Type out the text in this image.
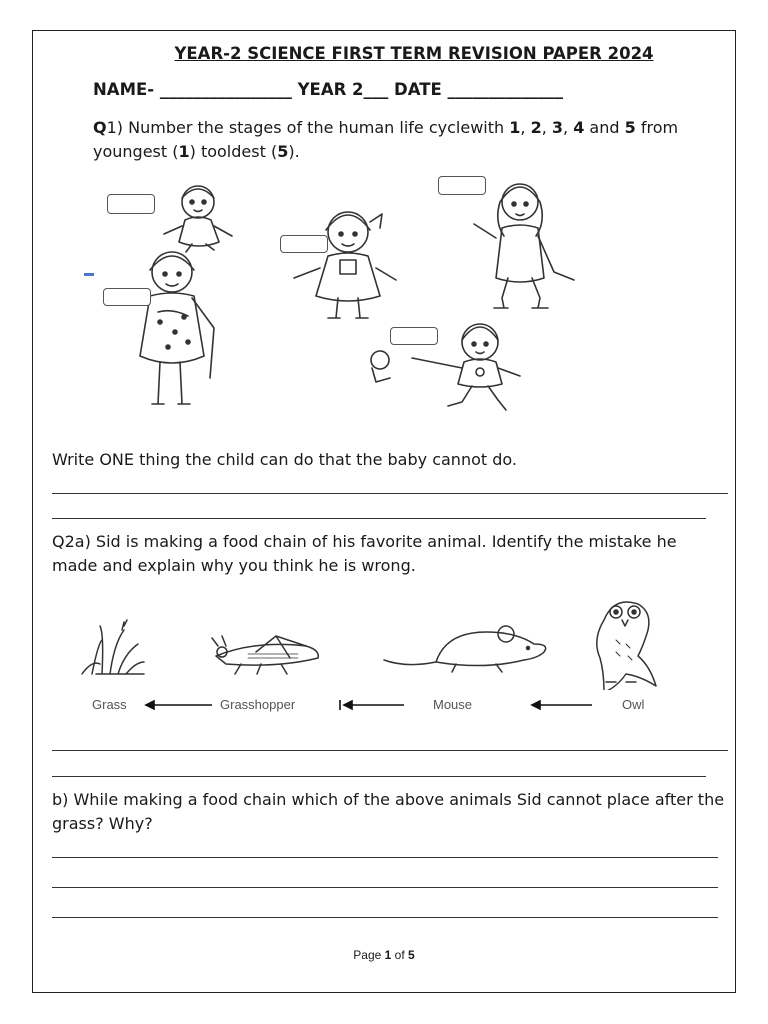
YEAR-2 SCIENCE FIRST TERM REVISION PAPER 2024
NAME- ________________ YEAR 2___ DATE ______________
Q1) Number the stages of the human life cyclewith 1, 2, 3, 4 and 5 from youngest (1) tooldest (5).
Write ONE thing the child can do that the baby cannot do.
Q2a) Sid is making a food chain of his favorite animal. Identify the mistake he made and explain why you think he is wrong.
Grass	Grasshopper	Mouse	Owl
b) While making a food chain which of the above animals Sid cannot place after the grass? Why?
Page 1 of 5
